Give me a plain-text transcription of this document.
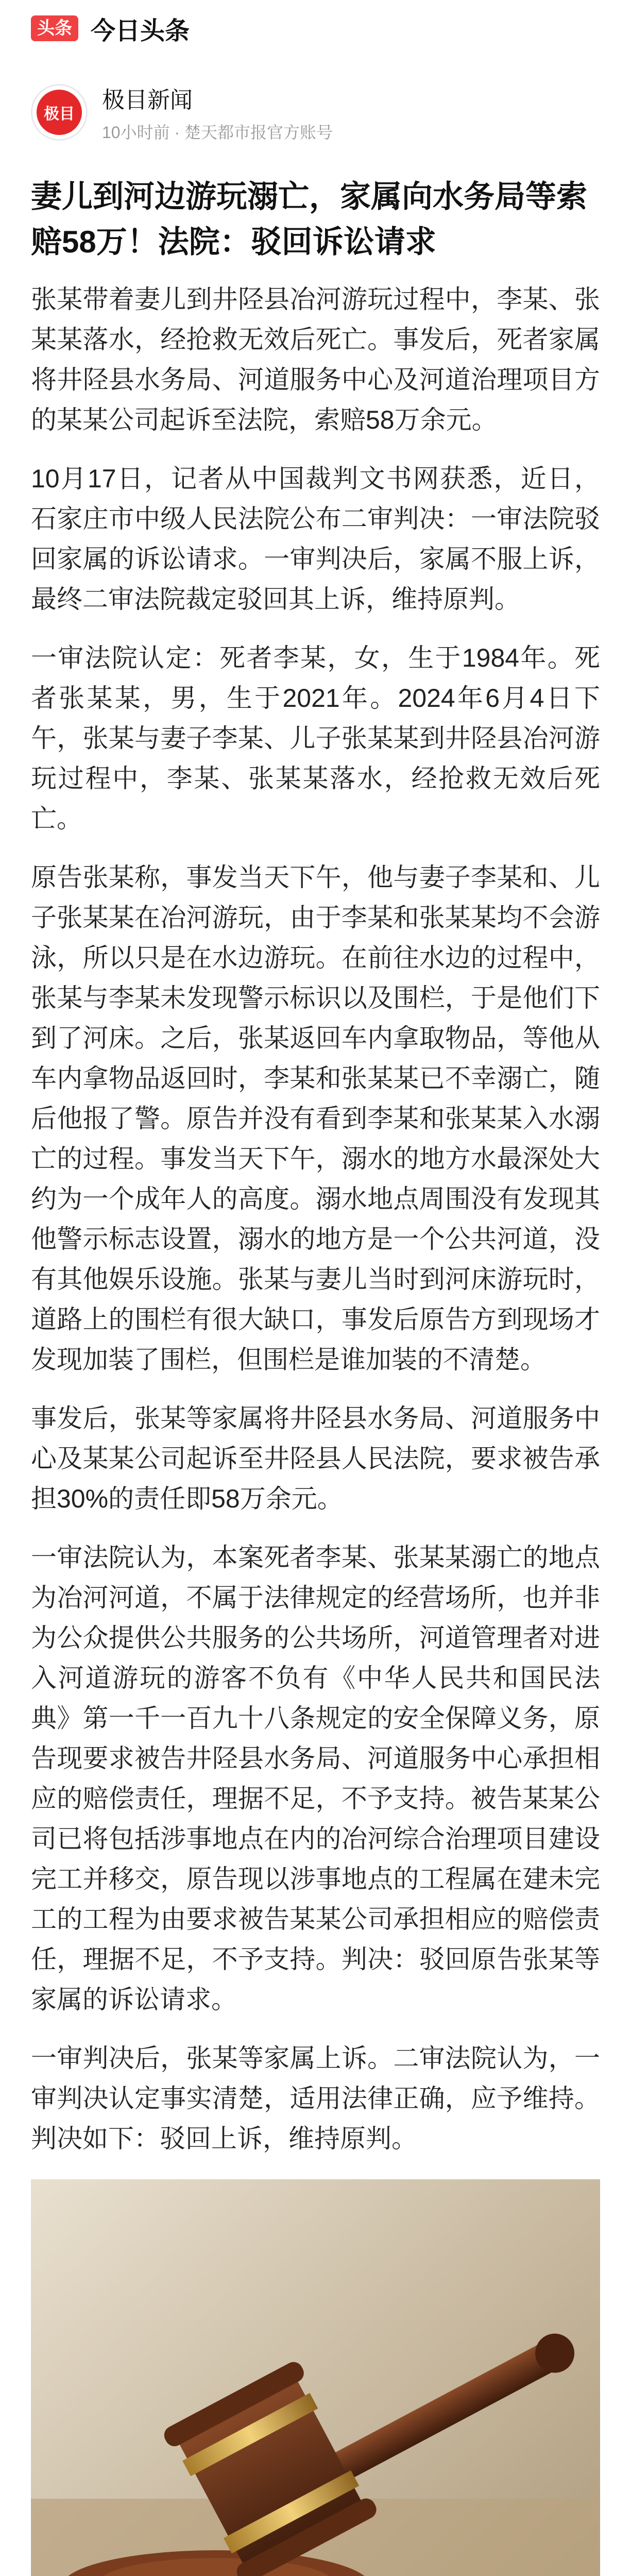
头条 今日头条
极目
极目新闻
10小时前 · 楚天都市报官方账号
妻儿到河边游玩溺亡，家属向水务局等索赔58万！法院：驳回诉讼请求

张某带着妻儿到井陉县冶河游玩过程中，李某、张某某落水，经抢救无效后死亡。事发后，死者家属将井陉县水务局、河道服务中心及河道治理项目方的某某公司起诉至法院，索赔58万余元。

10月17日，记者从中国裁判文书网获悉，近日，石家庄市中级人民法院公布二审判决：一审法院驳回家属的诉讼请求。一审判决后，家属不服上诉，最终二审法院裁定驳回其上诉，维持原判。

一审法院认定：死者李某，女，生于1984年。死者张某某，男，生于2021年。2024年6月4日下午，张某与妻子李某、儿子张某某到井陉县冶河游玩过程中，李某、张某某落水，经抢救无效后死亡。

原告张某称，事发当天下午，他与妻子李某和、儿子张某某在冶河游玩，由于李某和张某某均不会游泳，所以只是在水边游玩。在前往水边的过程中，张某与李某未发现警示标识以及围栏，于是他们下到了河床。之后，张某返回车内拿取物品，等他从车内拿物品返回时，李某和张某某已不幸溺亡，随后他报了警。原告并没有看到李某和张某某入水溺亡的过程。事发当天下午，溺水的地方水最深处大约为一个成年人的高度。溺水地点周围没有发现其他警示标志设置，溺水的地方是一个公共河道，没有其他娱乐设施。张某与妻儿当时到河床游玩时，道路上的围栏有很大缺口，事发后原告方到现场才发现加装了围栏，但围栏是谁加装的不清楚。

事发后，张某等家属将井陉县水务局、河道服务中心及某某公司起诉至井陉县人民法院，要求被告承担30%的责任即58万余元。

一审法院认为，本案死者李某、张某某溺亡的地点为冶河河道，不属于法律规定的经营场所，也并非为公众提供公共服务的公共场所，河道管理者对进入河道游玩的游客不负有《中华人民共和国民法典》第一千一百九十八条规定的安全保障义务，原告现要求被告井陉县水务局、河道服务中心承担相应的赔偿责任，理据不足，不予支持。被告某某公司已将包括涉事地点在内的冶河综合治理项目建设完工并移交，原告现以涉事地点的工程属在建未完工的工程为由要求被告某某公司承担相应的赔偿责任，理据不足，不予支持。判决：驳回原告张某等家属的诉讼请求。

一审判决后，张某等家属上诉。二审法院认为，一审判决认定事实清楚，适用法律正确，应予维持。判决如下：驳回上诉，维持原判。
